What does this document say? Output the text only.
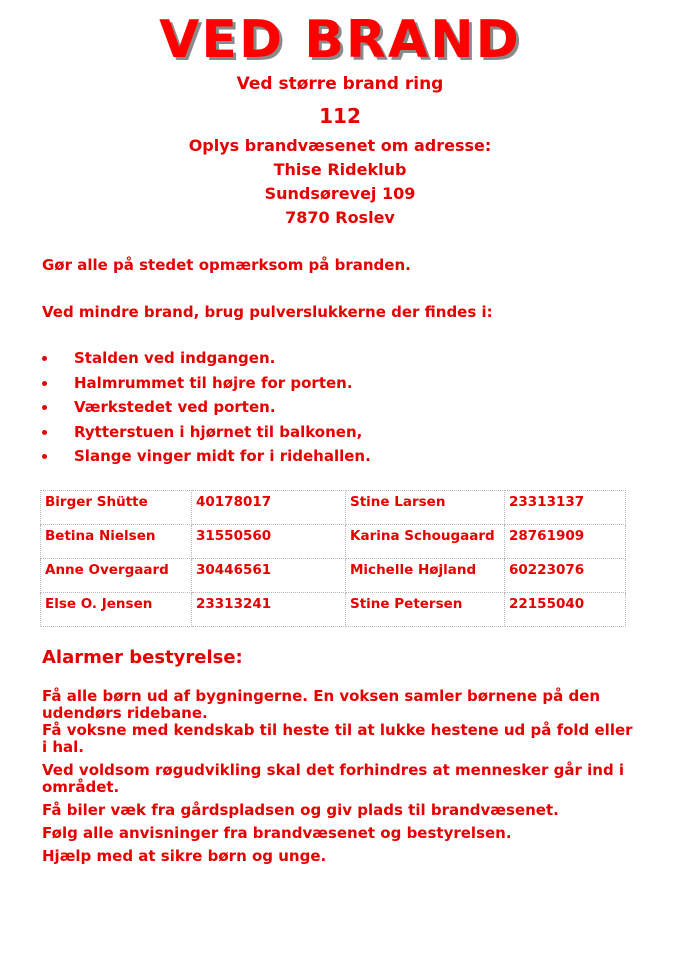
VED BRAND
Ved større brand ring
112
Oplys brandvæsenet om adresse:
Thise Rideklub
Sundsørevej 109
7870 Roslev
Gør alle på stedet opmærksom på branden.
Ved mindre brand, brug pulverslukkerne der findes i:
Stalden ved indgangen.
Halmrummet til højre for porten.
Værkstedet ved porten.
Rytterstuen i hjørnet til balkonen,
Slange vinger midt for i ridehallen.
Birger Shütte	40178017	Stine Larsen	23313137
Betina Nielsen	31550560	Karina Schougaard	28761909
Anne Overgaard	30446561	Michelle Højland	60223076
Else O. Jensen	23313241	Stine Petersen	22155040
Alarmer bestyrelse:

Få alle børn ud af bygningerne. En voksen samler børnene på den udendørs ridebane.

Få voksne med kendskab til heste til at lukke hestene ud på fold eller i hal.

Ved voldsom røgudvikling skal det forhindres at mennesker går ind i området.

Få biler væk fra gårdspladsen og giv plads til brandvæsenet.

Følg alle anvisninger fra brandvæsenet og bestyrelsen.

Hjælp med at sikre børn og unge.
